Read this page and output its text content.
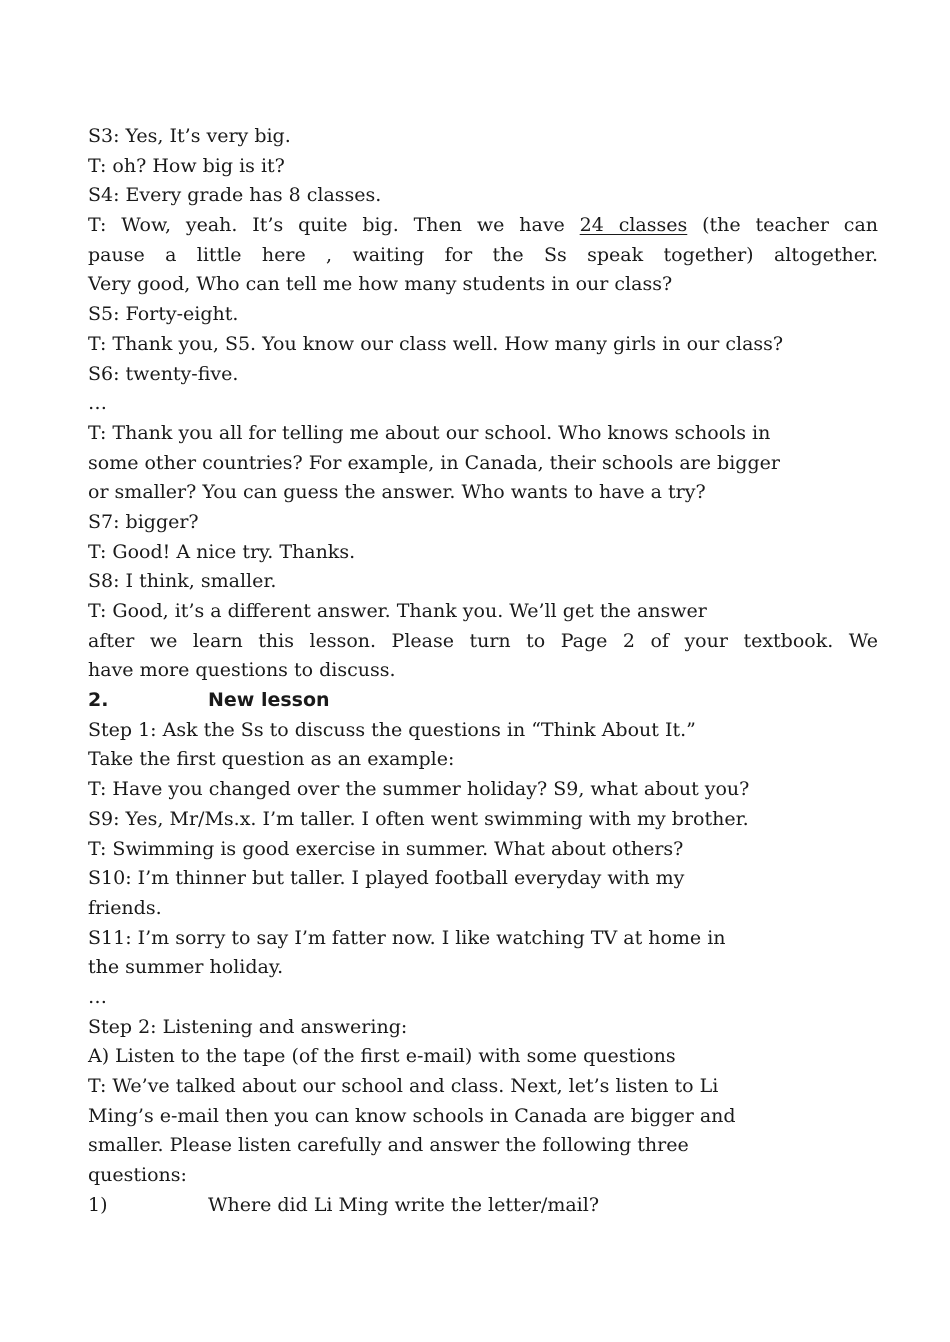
S3: Yes, It’s very big.
T: oh? How big is it?
S4: Every grade has 8 classes.
T: Wow, yeah. It’s quite big. Then we have 24 classes (the teacher can
pause a little here , waiting for the Ss speak together) altogether.
Very good, Who can tell me how many students in our class?
S5: Forty-eight.
T: Thank you, S5. You know our class well. How many girls in our class?
S6: twenty-five.
…
T: Thank you all for telling me about our school. Who knows schools in
some other countries? For example, in Canada, their schools are bigger
or smaller? You can guess the answer. Who wants to have a try?
S7: bigger?
T: Good! A nice try. Thanks.
S8: I think, smaller.
T: Good, it’s a different answer. Thank you. We’ll get the answer
after we learn this lesson. Please turn to Page 2 of your textbook. We
have more questions to discuss.
2.	New lesson
Step 1: Ask the Ss to discuss the questions in “Think About It.”
Take the first question as an example:
T: Have you changed over the summer holiday? S9, what about you?
S9: Yes, Mr/Ms.x. I’m taller. I often went swimming with my brother.
T: Swimming is good exercise in summer. What about others?
S10: I’m thinner but taller. I played football everyday with my
friends.
S11: I’m sorry to say I’m fatter now. I like watching TV at home in
the summer holiday.
…
Step 2: Listening and answering:
A) Listen to the tape (of the first e-mail) with some questions
T: We’ve talked about our school and class. Next, let’s listen to Li
Ming’s e-mail then you can know schools in Canada are bigger and
smaller. Please listen carefully and answer the following three
questions:
1)	Where did Li Ming write the letter/mail?
